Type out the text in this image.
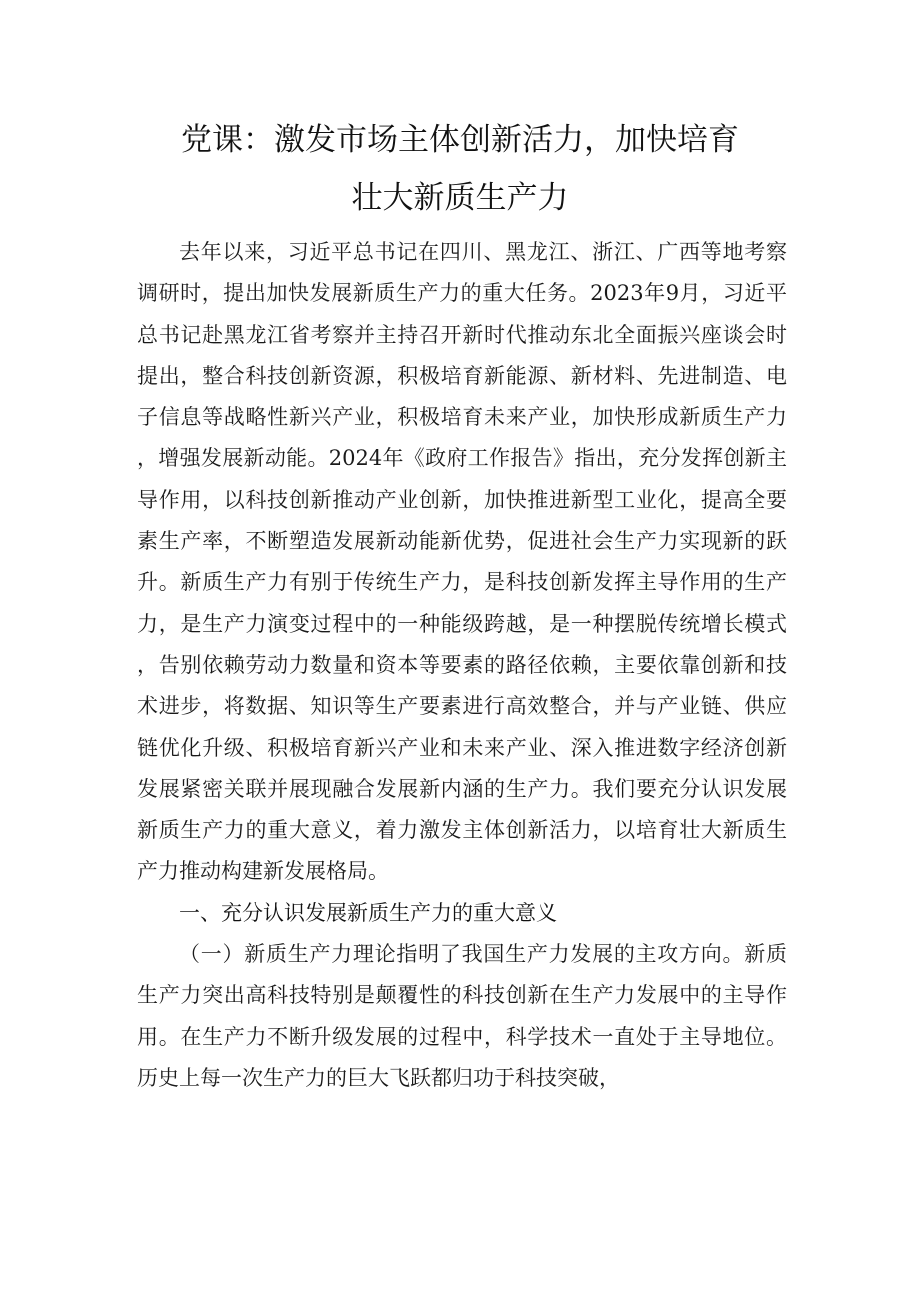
党课：激发市场主体创新活力，加快培育
壮大新质生产力

去年以来，习近平总书记在四川、黑龙江、浙江、广西等地考察调研时，提出加快发展新质生产力的重大任务。2023年9月，习近平总书记赴黑龙江省考察并主持召开新时代推动东北全面振兴座谈会时提出，整合科技创新资源，积极培育新能源、新材料、先进制造、电子信息等战略性新兴产业，积极培育未来产业，加快形成新质生产力，增强发展新动能。2024年《政府工作报告》指出，充分发挥创新主导作用，以科技创新推动产业创新，加快推进新型工业化，提高全要素生产率，不断塑造发展新动能新优势，促进社会生产力实现新的跃升。新质生产力有别于传统生产力，是科技创新发挥主导作用的生产力，是生产力演变过程中的一种能级跨越，是一种摆脱传统增长模式，告别依赖劳动力数量和资本等要素的路径依赖，主要依靠创新和技术进步，将数据、知识等生产要素进行高效整合，并与产业链、供应链优化升级、积极培育新兴产业和未来产业、深入推进数字经济创新发展紧密关联并展现融合发展新内涵的生产力。我们要充分认识发展新质生产力的重大意义，着力激发主体创新活力，以培育壮大新质生产力推动构建新发展格局。

一、充分认识发展新质生产力的重大意义

（一）新质生产力理论指明了我国生产力发展的主攻方向。新质生产力突出高科技特别是颠覆性的科技创新在生产力发展中的主导作用。在生产力不断升级发展的过程中，科学技术一直处于主导地位。历史上每一次生产力的巨大飞跃都归功于科技突破，
